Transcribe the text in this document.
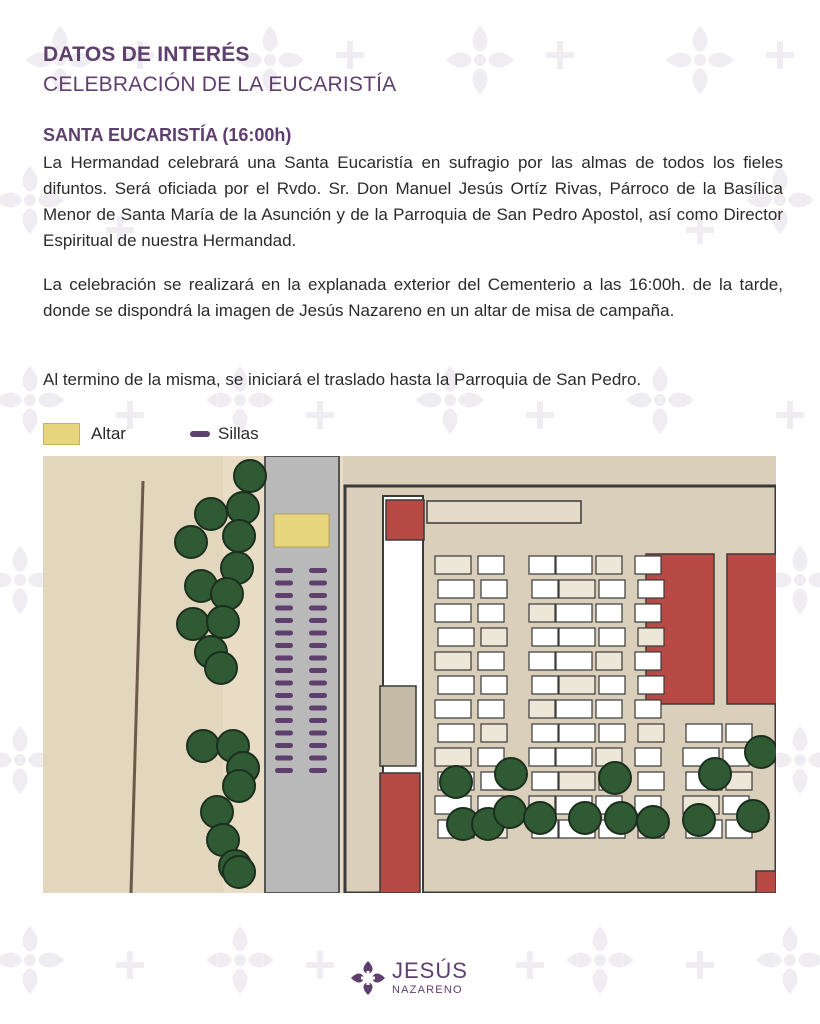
DATOS DE INTERÉS
CELEBRACIÓN DE LA EUCARISTÍA
SANTA EUCARISTÍA (16:00h)

La Hermandad celebrará una Santa Eucaristía en sufragio por las almas de todos los fieles difuntos. Será oficiada por el Rvdo. Sr. Don Manuel Jesús Ortíz Rivas, Párroco de la Basílica Menor de Santa María de la Asunción y de la Parroquia de San Pedro Apostol, así como Director Espiritual de nuestra Hermandad.

La celebración se realizará en la explanada exterior del Cementerio a las 16:00h. de la tarde, donde se dispondrá la imagen de Jesús Nazareno en un altar de misa de campaña.

Al termino de la misma, se iniciará el traslado hasta la Parroquia de San Pedro.

Altar	Sillas
JESÚS
NAZARENO
